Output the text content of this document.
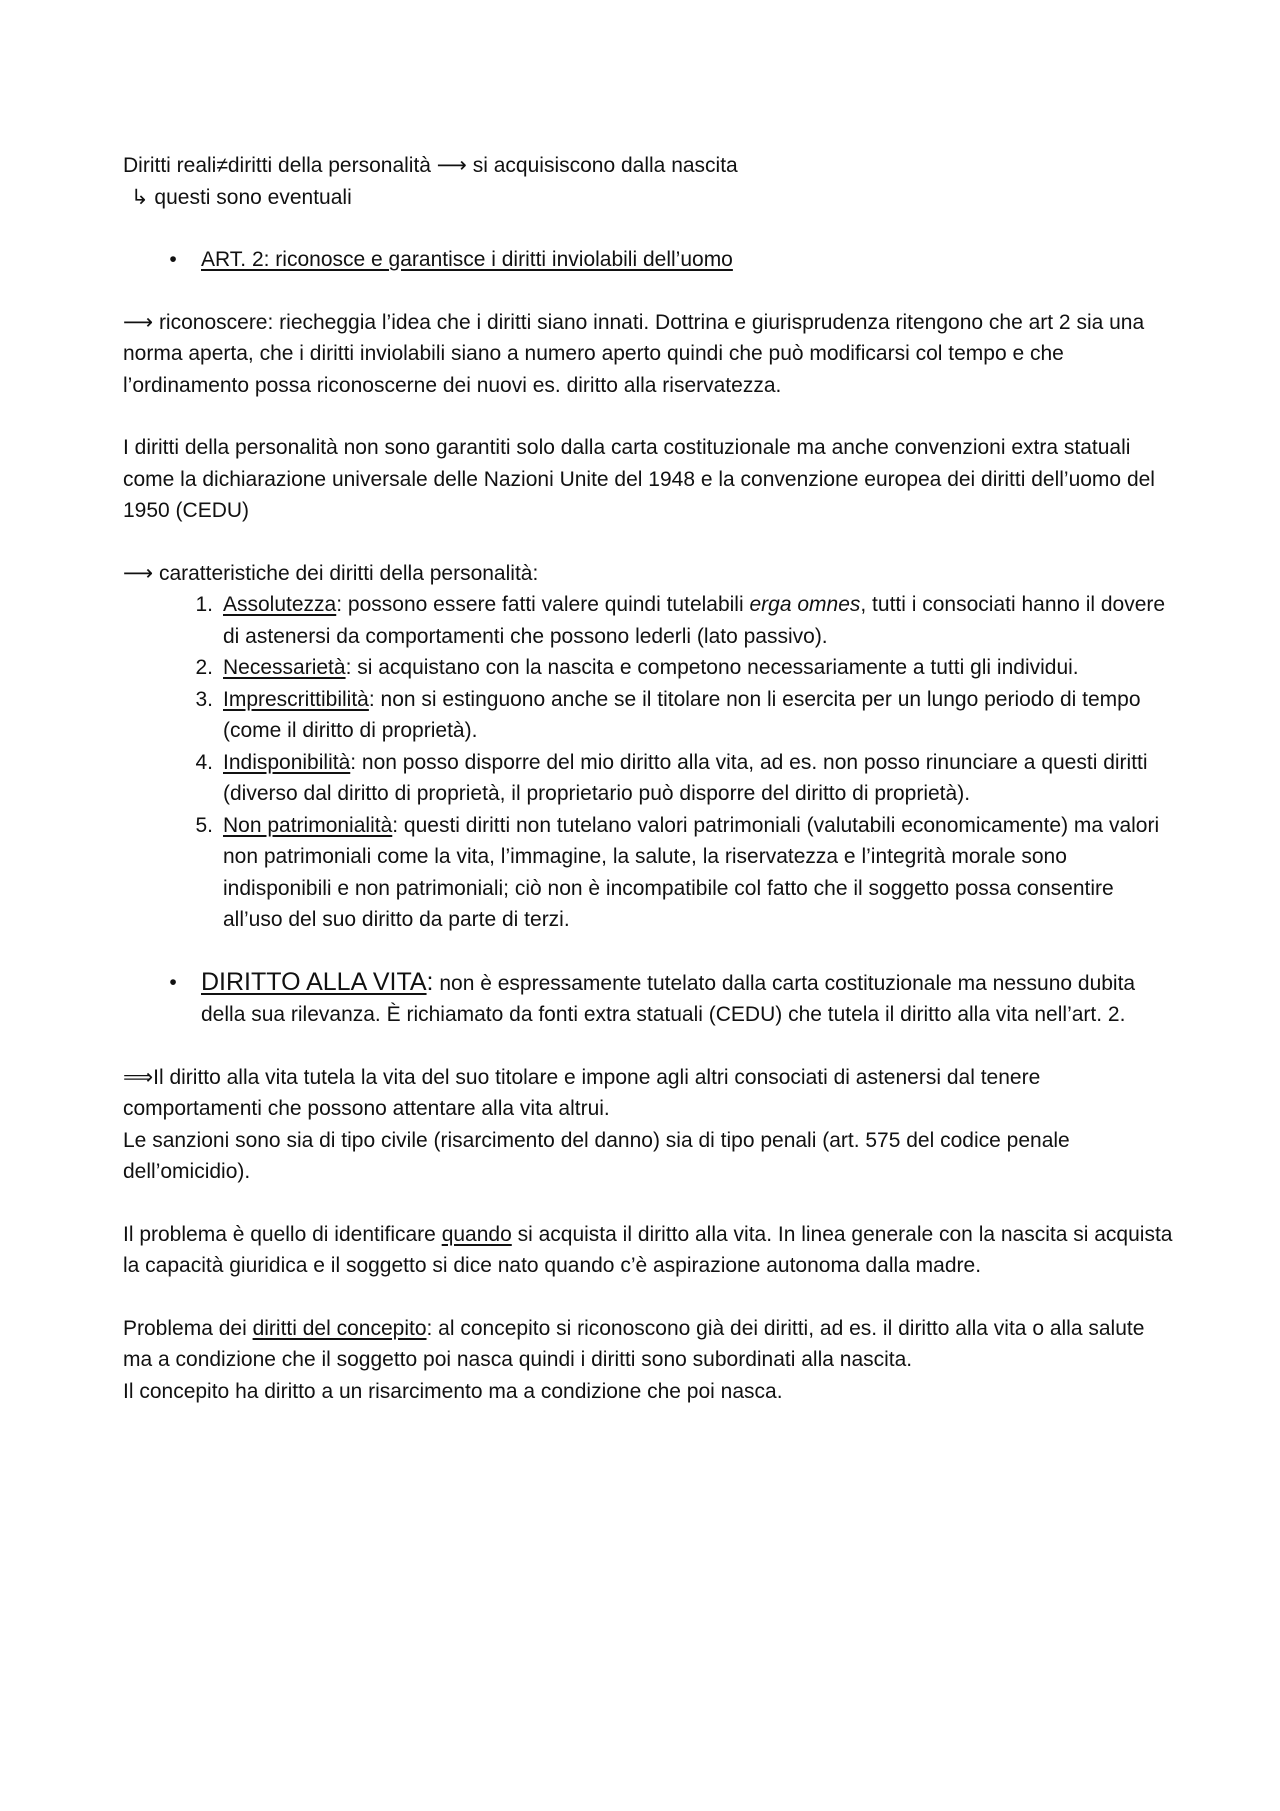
Diritti reali≠diritti della personalità ⟶ si acquisiscono dalla nascita

↳ questi sono eventuali

•	ART. 2: riconosce e garantisce i diritti inviolabili dell’uomo

⟶ riconoscere: riecheggia l’idea che i diritti siano innati. Dottrina e giurisprudenza ritengono che art 2 sia una norma aperta, che i diritti inviolabili siano a numero aperto quindi che può modificarsi col tempo e che l’ordinamento possa riconoscerne dei nuovi es. diritto alla riservatezza.

I diritti della personalità non sono garantiti solo dalla carta costituzionale ma anche convenzioni extra statuali come la dichiarazione universale delle Nazioni Unite del 1948 e la convenzione europea dei diritti dell’uomo del 1950 (CEDU)

⟶ caratteristiche dei diritti della personalità:

1. Assolutezza: possono essere fatti valere quindi tutelabili erga omnes, tutti i consociati hanno il dovere di astenersi da comportamenti che possono lederli (lato passivo).
2. Necessarietà: si acquistano con la nascita e competono necessariamente a tutti gli individui.
3. Imprescrittibilità: non si estinguono anche se il titolare non li esercita per un lungo periodo di tempo (come il diritto di proprietà).
4. Indisponibilità: non posso disporre del mio diritto alla vita, ad es. non posso rinunciare a questi diritti (diverso dal diritto di proprietà, il proprietario può disporre del diritto di proprietà).
5. Non patrimonialità: questi diritti non tutelano valori patrimoniali (valutabili economicamente) ma valori non patrimoniali come la vita, l’immagine, la salute, la riservatezza e l’integrità morale sono indisponibili e non patrimoniali; ciò non è incompatibile col fatto che il soggetto possa consentire all’uso del suo diritto da parte di terzi.
• DIRITTO ALLA VITA: non è espressamente tutelato dalla carta costituzionale ma nessuno dubita della sua rilevanza. È richiamato da fonti extra statuali (CEDU) che tutela il diritto alla vita nell’art. 2.

⟹Il diritto alla vita tutela la vita del suo titolare e impone agli altri consociati di astenersi dal tenere comportamenti che possono attentare alla vita altrui.

Le sanzioni sono sia di tipo civile (risarcimento del danno) sia di tipo penali (art. 575 del codice penale dell’omicidio).

Il problema è quello di identificare quando si acquista il diritto alla vita. In linea generale con la nascita si acquista la capacità giuridica e il soggetto si dice nato quando c’è aspirazione autonoma dalla madre.

Problema dei diritti del concepito: al concepito si riconoscono già dei diritti, ad es. il diritto alla vita o alla salute ma a condizione che il soggetto poi nasca quindi i diritti sono subordinati alla nascita.

Il concepito ha diritto a un risarcimento ma a condizione che poi nasca.
